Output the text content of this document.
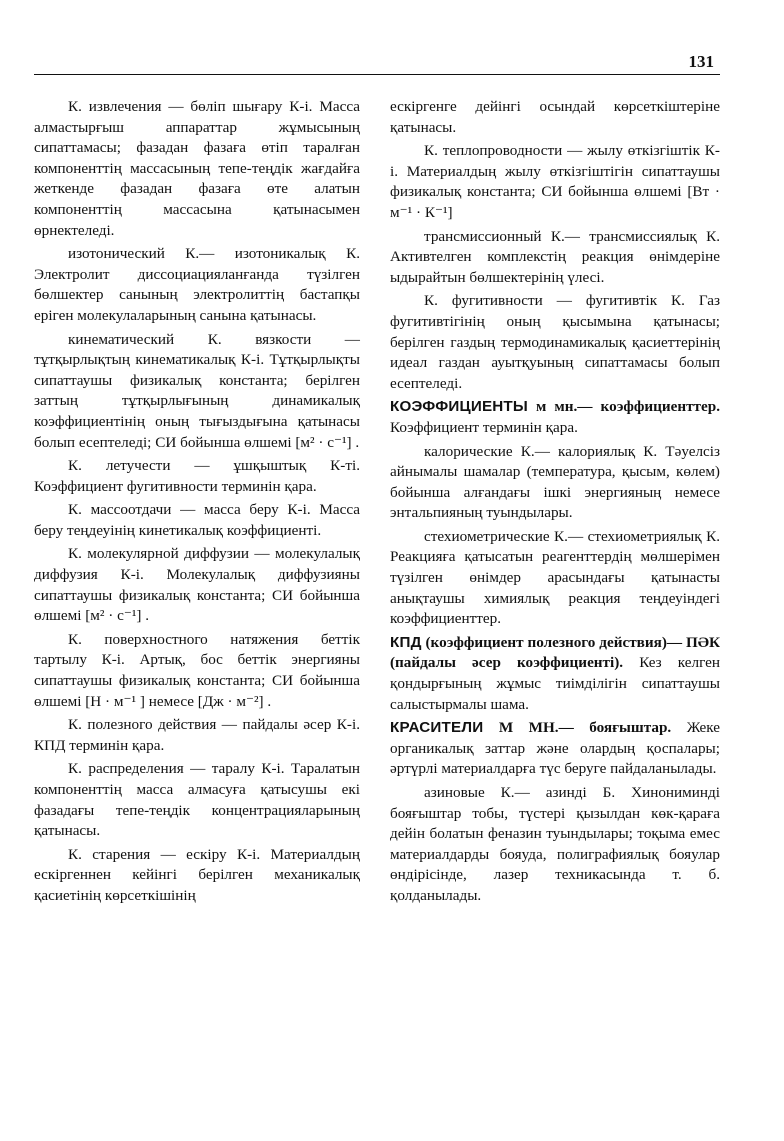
131

К. извлечения — бөліп шығару К-і. Масса алмастырғыш аппараттар жұмысының сипаттамасы; фазадан фазаға өтіп таралған компоненттің массасының тепе-теңдік жағдайға жеткенде фазадан фазаға өте алатын компоненттің массасына қатынасымен өрнектеледі.

изотонический К.— изотоникалық К. Электролит диссоциацияланғанда түзілген бөлшектер санының электролиттің бастапқы еріген молекулаларының санына қатынасы.

кинематический К. вязкости — тұтқырлықтың кинематикалық К-і. Тұтқырлықты сипаттаушы физикалық константа; берілген заттың тұтқырлығының динамикалық коэффициентінің оның тығыздығына қатынасы болып есептеледі; СИ бойынша өлшемі [м² · с⁻¹] .

К. летучести — ұшқыштық К-ті. Коэффициент фугитивности терминін қара.

К. массоотдачи — масса беру К-і. Масса беру теңдеуінің кинетикалық коэффициенті.

К. молекулярной диффузии — молекулалық диффузия К-і. Молекулалық диффузияны сипаттаушы физикалық константа; СИ бойынша өлшемі [м² · с⁻¹] .

К. поверхностного натяжения беттік тартылу К-і. Артық, бос беттік энергияны сипаттаушы физикалық константа; СИ бойынша өлшемі [Н · м⁻¹ ] немесе [Дж · м⁻²] .

К. полезного действия — пайдалы әсер К-і. КПД терминін қара.

К. распределения — таралу К-і. Таралатын компоненттің масса алмасуға қатысушы екі фазадағы тепе-теңдік концентрацияларының қатынасы.

К. старения — ескіру К-і. Материалдың ескіргеннен кейінгі берілген механикалық қасиетінің көрсеткішінің

ескіргенге дейінгі осындай көрсеткіштеріне қатынасы.

К. теплопроводности — жылу өткізгіштік К-і. Материалдың жылу өткізгіштігін сипаттаушы физикалық константа; СИ бойынша өлшемі [Вт · м⁻¹ · К⁻¹]

трансмиссионный К.— трансмиссиялық К. Активтелген комплекстің реакция өнімдеріне ыдырайтын бөлшектерінің үлесі.

К. фугитивности — фугитивтік К. Газ фугитивтігінің оның қысымына қатынасы; берілген газдың термодинамикалық қасиеттерінің идеал газдан ауытқуының сипаттамасы болып есептеледі.

КОЭФФИЦИЕНТЫ м мн.— коэффициенттер. Коэффициент терминін қара.

калорические К.— калориялық К. Тәуелсіз айнымалы шамалар (температура, қысым, көлем) бойынша алғандағы ішкі энергияның немесе энтальпияның туындылары.

стехиометрические К.— стехиометриялық К. Реакцияға қатысатын реагенттердің мөлшерімен түзілген өнімдер арасындағы қатынасты анықтаушы химиялық реакция теңдеуіндегі коэффициенттер.

КПД (коэффициент полезного действия)— ПӘК (пайдалы әсер коэффициенті). Кез келген қондырғының жұмыс тиімділігін сипаттаушы салыстырмалы шама.

КРАСИТЕЛИ М МН.— бояғыштар. Жеке органикалық заттар және олардың қоспалары; әртүрлі материалдарға түс беруге пайдаланылады.

азиновые К.— азинді Б. Хинониминді бояғыштар тобы, түстері қызылдан көк-қараға дейін болатын феназин туындылары; тоқыма емес материалдарды бояуда, полиграфиялық бояулар өндірісінде, лазер техникасында т. б. қолданылады.
